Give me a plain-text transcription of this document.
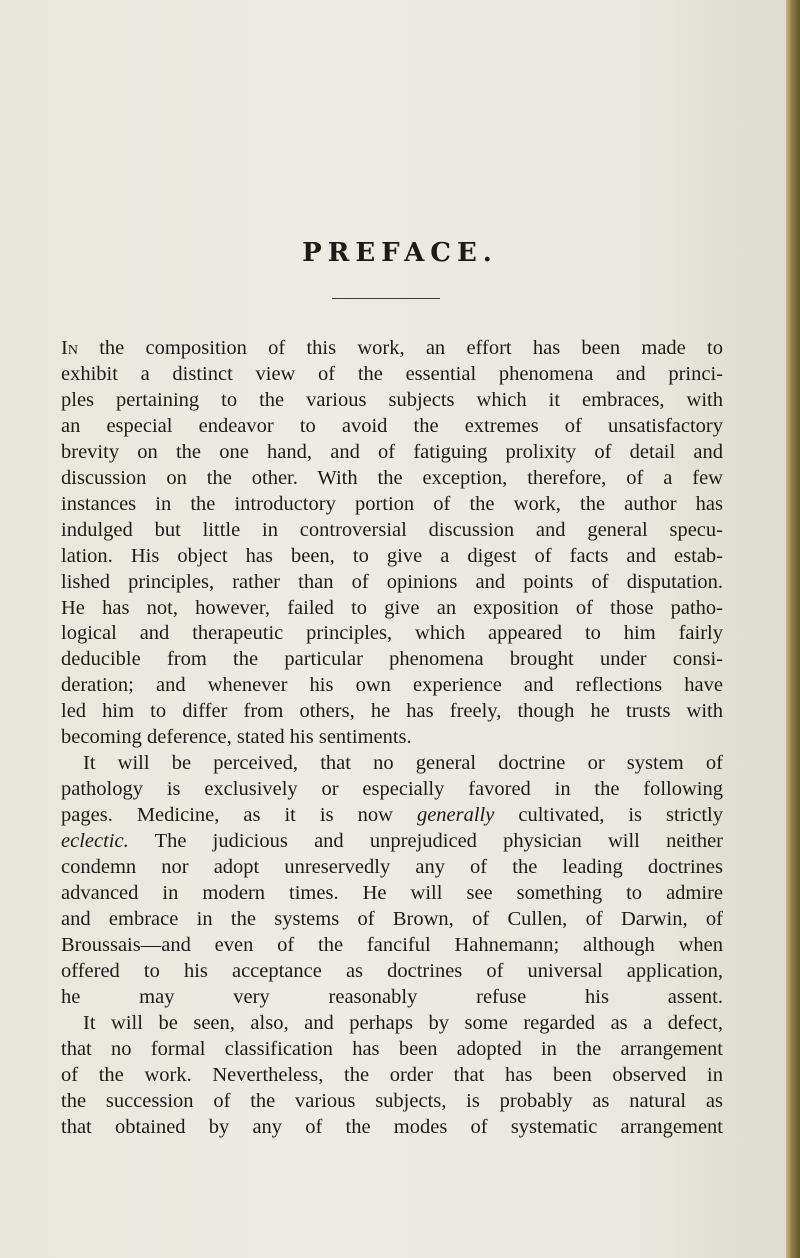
PREFACE.
In the composition of this work, an effort has been made to
exhibit a distinct view of the essential phenomena and princi-
ples pertaining to the various subjects which it embraces, with
an especial endeavor to avoid the extremes of unsatisfactory
brevity on the one hand, and of fatiguing prolixity of detail and
discussion on the other. With the exception, therefore, of a few
instances in the introductory portion of the work, the author has
indulged but little in controversial discussion and general specu-
lation. His object has been, to give a digest of facts and estab-
lished principles, rather than of opinions and points of disputation.
He has not, however, failed to give an exposition of those patho-
logical and therapeutic principles, which appeared to him fairly
deducible from the particular phenomena brought under consi-
deration; and whenever his own experience and reflections have
led him to differ from others, he has freely, though he trusts with
becoming deference, stated his sentiments.
It will be perceived, that no general doctrine or system of
pathology is exclusively or especially favored in the following
pages. Medicine, as it is now generally cultivated, is strictly
eclectic. The judicious and unprejudiced physician will neither
condemn nor adopt unreservedly any of the leading doctrines
advanced in modern times. He will see something to admire
and embrace in the systems of Brown, of Cullen, of Darwin, of
Broussais—and even of the fanciful Hahnemann; although when
offered to his acceptance as doctrines of universal application,
he may very reasonably refuse his assent.
It will be seen, also, and perhaps by some regarded as a defect,
that no formal classification has been adopted in the arrangement
of the work. Nevertheless, the order that has been observed in
the succession of the various subjects, is probably as natural as
that obtained by any of the modes of systematic arrangement
